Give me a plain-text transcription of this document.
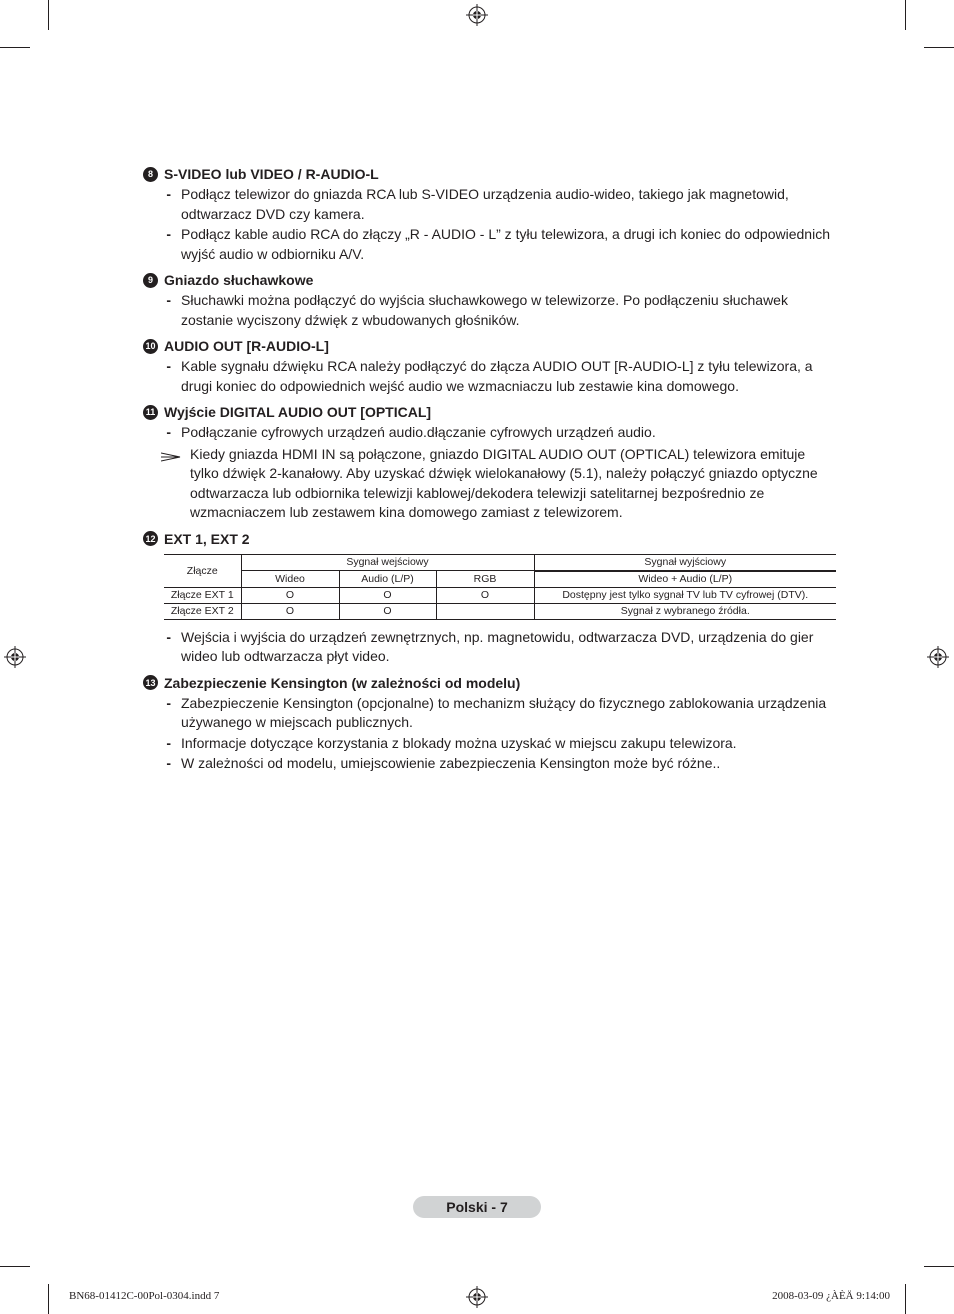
8 S-VIDEO lub VIDEO / R-AUDIO-L
- Podłącz telewizor do gniazda RCA lub S-VIDEO urządzenia audio-wideo, takiego jak magnetowid, odtwarzacz DVD czy kamera.
- Podłącz kable audio RCA do złączy „R - AUDIO - L” z tyłu telewizora, a drugi ich koniec do odpowiednich wyjść audio w odbiorniku A/V.
9 Gniazdo słuchawkowe
- Słuchawki można podłączyć do wyjścia słuchawkowego w telewizorze. Po podłączeniu słuchawek zostanie wyciszony dźwięk z wbudowanych głośników.
10 AUDIO OUT [R-AUDIO-L]
- Kable sygnału dźwięku RCA należy podłączyć do złącza AUDIO OUT [R-AUDIO-L] z tyłu telewizora, a drugi koniec do odpowiednich wejść audio we wzmacniaczu lub zestawie kina domowego.
11 Wyjście DIGITAL AUDIO OUT [OPTICAL]
- Podłączanie cyfrowych urządzeń audio.dłączanie cyfrowych urządzeń audio.
Kiedy gniazda HDMI IN są połączone, gniazdo DIGITAL AUDIO OUT (OPTICAL) telewizora emituje tylko dźwięk 2-kanałowy. Aby uzyskać dźwięk wielokanałowy (5.1), należy połączyć gniazdo optyczne odtwarzacza lub odbiornika telewizji kablowej/dekodera telewizji satelitarnej bezpośrednio ze wzmacniaczem lub zestawem kina domowego zamiast z telewizorem.
12 EXT 1, EXT 2
Złącze	Sygnał wejściowy			Sygnał wyjściowy
	Wideo	Audio (L/P)	RGB	Wideo + Audio (L/P)
Złącze EXT 1	O	O	O	Dostępny jest tylko sygnał TV lub TV cyfrowej (DTV).
Złącze EXT 2	O	O		Sygnał z wybranego źródła.
- Wejścia i wyjścia do urządzeń zewnętrznych, np. magnetowidu, odtwarzacza DVD, urządzenia do gier wideo lub odtwarzacza płyt video.
13 Zabezpieczenie Kensington (w zależności od modelu)
- Zabezpieczenie Kensington (opcjonalne) to mechanizm służący do fizycznego zablokowania urządzenia używanego w miejscach publicznych.
- Informacje dotyczące korzystania z blokady można uzyskać w miejscu zakupu telewizora.
- W zależności od modelu, umiejscowienie zabezpieczenia Kensington może być różne..
Polski - 7
BN68-01412C-00Pol-0304.indd 7	2008-03-09 ¿ÀÈÄ 9:14:00
